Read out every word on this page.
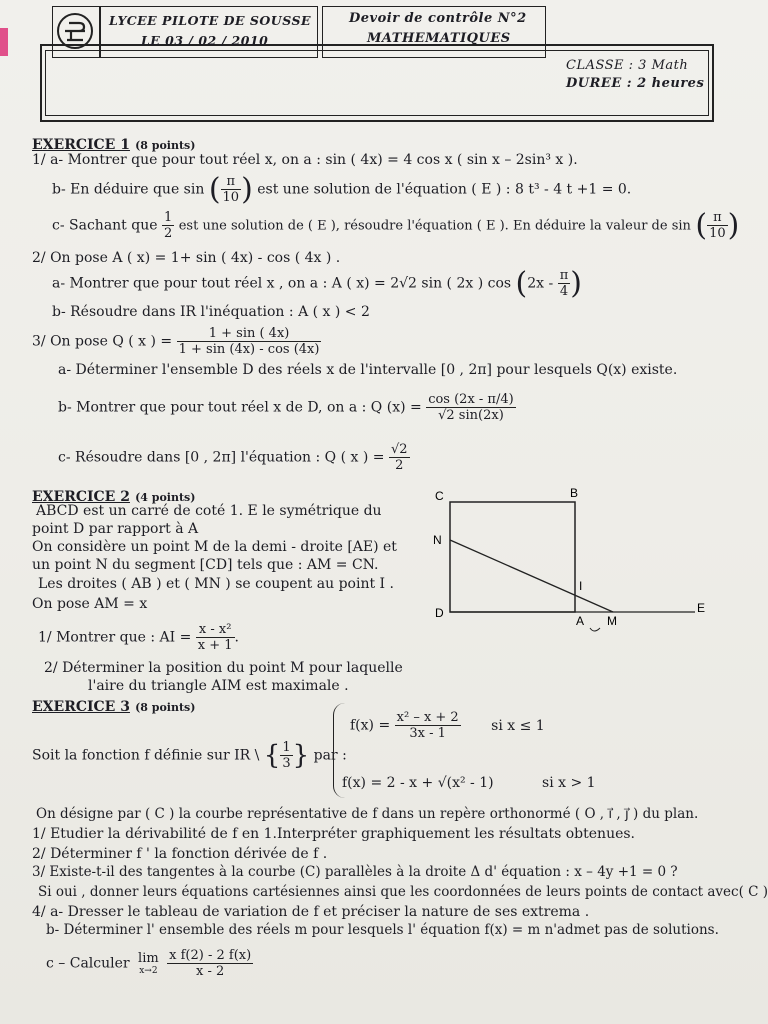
LYCEE PILOTE DE SOUSSE
LE 03 / 02 / 2010
Devoir de contrôle N°2
MATHEMATIQUES
CLASSE : 3 Math
DUREE : 2 heures
EXERCICE 1 (8 points)
1/ a- Montrer que pour tout réel x, on a : sin ( 4x) = 4 cos x ( sin x – 2sin³ x ).
b- En déduire que sin ( $\frac{\pi}{10}$ ) est une solution de l'équation ( E ) : 8 t³ - 4 t +1 = 0.
c- Sachant que $\frac{1}{2}$ est une solution de ( E ), résoudre l'équation ( E ). En déduire la valeur de sin ( $\frac{\pi}{10}$ )
2/ On pose A ( x) = 1+ sin ( 4x) - cos ( 4x ) .
a- Montrer que pour tout réel x , on a : A ( x) = 2√2 sin ( 2x ) $\cos (2x - \frac{\pi}{4}$ )
b- Résoudre dans IR l'inéquation : A ( x ) < 2
3/ On pose Q ( x ) = $\frac{1 + \sin ( 4x)}{1 + \sin (4x) - \cos (4x)}$
a- Déterminer l'ensemble D des réels x de l'intervalle [0 , 2π] pour lesquels Q(x) existe.
b- Montrer que pour tout réel x de D, on a : Q $(x) = \frac{\cos (2x - \pi/4)}{√2 \sin(2x)}$
c- Résoudre dans [0 , 2π] l'équation : Q ( x ) = $\frac{√2}{2}$
EXERCICE 2 (4 points)
ABCD est un carré de coté 1. E le symétrique du
point D par rapport à A
On considère un point M de la demi - droite [AE) et
un point N du segment [CD] tels que : AM = CN.
Les droites ( AB ) et ( MN ) se coupent au point I .
On pose AM = x
1/ Montrer que : AI = $\frac{\text{x - x²}}{x + 1}$ .
2/ Déterminer la position du point M pour laquelle
l'aire du triangle AIM est maximale .
C	B
N
I
D
A M
E
EXERCICE 3 (8 points)
Soit la fonction f définie sur IR \ { $\frac{1}{3}$ } par :
$f(x) = \frac{\text{x² – x + 2}}{3x - 1}$ si x ≤ 1
f(x) = 2 - x + √(x² - 1)	si x > 1
On désigne par ( C ) la courbe représentative de f dans un repère orthonormé ( O , i⃗ , j⃗ ) du plan.
1/ Etudier la dérivabilité de f en 1.Interpréter graphiquement les résultats obtenues.
2/ Déterminer f ' la fonction dérivée de f .
3/ Existe-t-il des tangentes à la courbe (C) parallèles à la droite Δ d' équation : x – 4y +1 = 0 ?
Si oui , donner leurs équations cartésiennes ainsi que les coordonnées de leurs points de contact avec( C )
4/ a- Dresser le tableau de variation de f et préciser la nature de ses extrema .
b- Déterminer l' ensemble des réels m pour lesquels l' équation f(x) = m n'admet pas de solutions.
c – Calculer lim
x→2
$\frac{\text{x f(2) - 2 f(x)}}{x - 2}$
